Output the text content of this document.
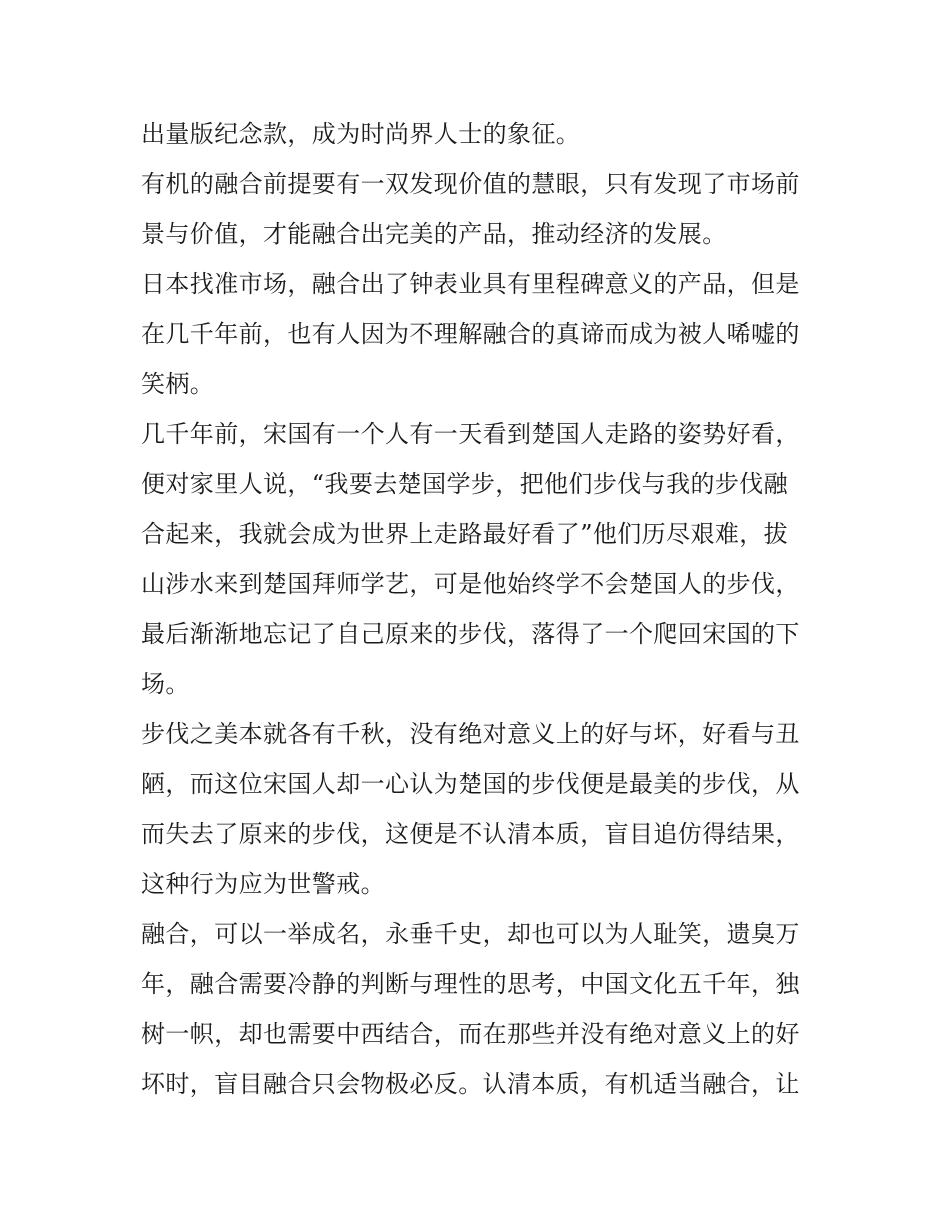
出量版纪念款，成为时尚界人士的象征。
有机的融合前提要有一双发现价值的慧眼，只有发现了市场前
景与价值，才能融合出完美的产品，推动经济的发展。
日本找准市场，融合出了钟表业具有里程碑意义的产品，但是
在几千年前，也有人因为不理解融合的真谛而成为被人唏嘘的
笑柄。
几千年前，宋国有一个人有一天看到楚国人走路的姿势好看，
便对家里人说，“我要去楚国学步，把他们步伐与我的步伐融
合起来，我就会成为世界上走路最好看了”他们历尽艰难，拔
山涉水来到楚国拜师学艺，可是他始终学不会楚国人的步伐，
最后渐渐地忘记了自己原来的步伐，落得了一个爬回宋国的下
场。
步伐之美本就各有千秋，没有绝对意义上的好与坏，好看与丑
陋，而这位宋国人却一心认为楚国的步伐便是最美的步伐，从
而失去了原来的步伐，这便是不认清本质，盲目追仿得结果，
这种行为应为世警戒。
融合，可以一举成名，永垂千史，却也可以为人耻笑，遗臭万
年，融合需要冷静的判断与理性的思考，中国文化五千年，独
树一帜，却也需要中西结合，而在那些并没有绝对意义上的好
坏时，盲目融合只会物极必反。认清本质，有机适当融合，让
